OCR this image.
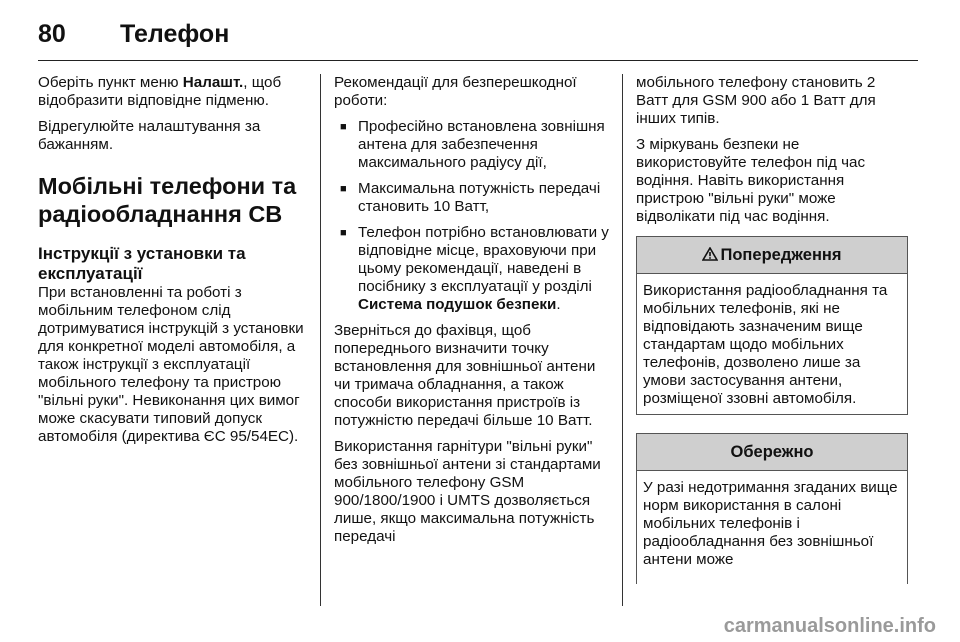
80 Телефон

Оберіть пункт меню Налашт., щоб відобразити відповідне підменю.

Відрегулюйте налаштування за бажанням.

Мобільні телефони та радіообладнання СВ
Інструкції з установки та експлуатації

При встановленні та роботі з мобільним телефоном слід дотримуватися інструкцій з установки для конкретної моделі автомобіля, а також інструкції з експлуатації мобільного телефону та пристрою "вільні руки". Невиконання цих вимог може скасувати типовий допуск автомобіля (директива ЄС 95/54ЕС).

Рекомендації для безперешкодної роботи:

■ Професійно встановлена зовнішня антена для забезпечення максимального радіусу дії,
■ Максимальна потужність передачі становить 10 Ватт,
■ Телефон потрібно встановлювати у відповідне місце, враховуючи при цьому рекомендації, наведені в посібнику з експлуатації у розділі Система подушок безпеки.

Зверніться до фахівця, щоб попереднього визначити точку встановлення для зовнішньої антени чи тримача обладнання, а також способи використання пристроїв із потужністю передачі більше 10 Ватт.

Використання гарнітури "вільні руки" без зовнішньої антени зі стандартами мобільного телефону GSM 900/1800/1900 і UMTS дозволяється лише, якщо максимальна потужність передачі

мобільного телефону становить 2 Ватт для GSM 900 або 1 Ватт для інших типів.

З міркувань безпеки не використовуйте телефон під час водіння. Навіть використання пристрою "вільні руки" може відволікати під час водіння.

Попередження
Використання радіообладнання та мобільних телефонів, які не відповідають зазначеним вище стандартам щодо мобільних телефонів, дозволено лише за умови застосування антени, розміщеної ззовні автомобіля.
Обережно
У разі недотримання згаданих вище норм використання в салоні мобільних телефонів і радіообладнання без зовнішньої антени може
carmanualsonline.info
